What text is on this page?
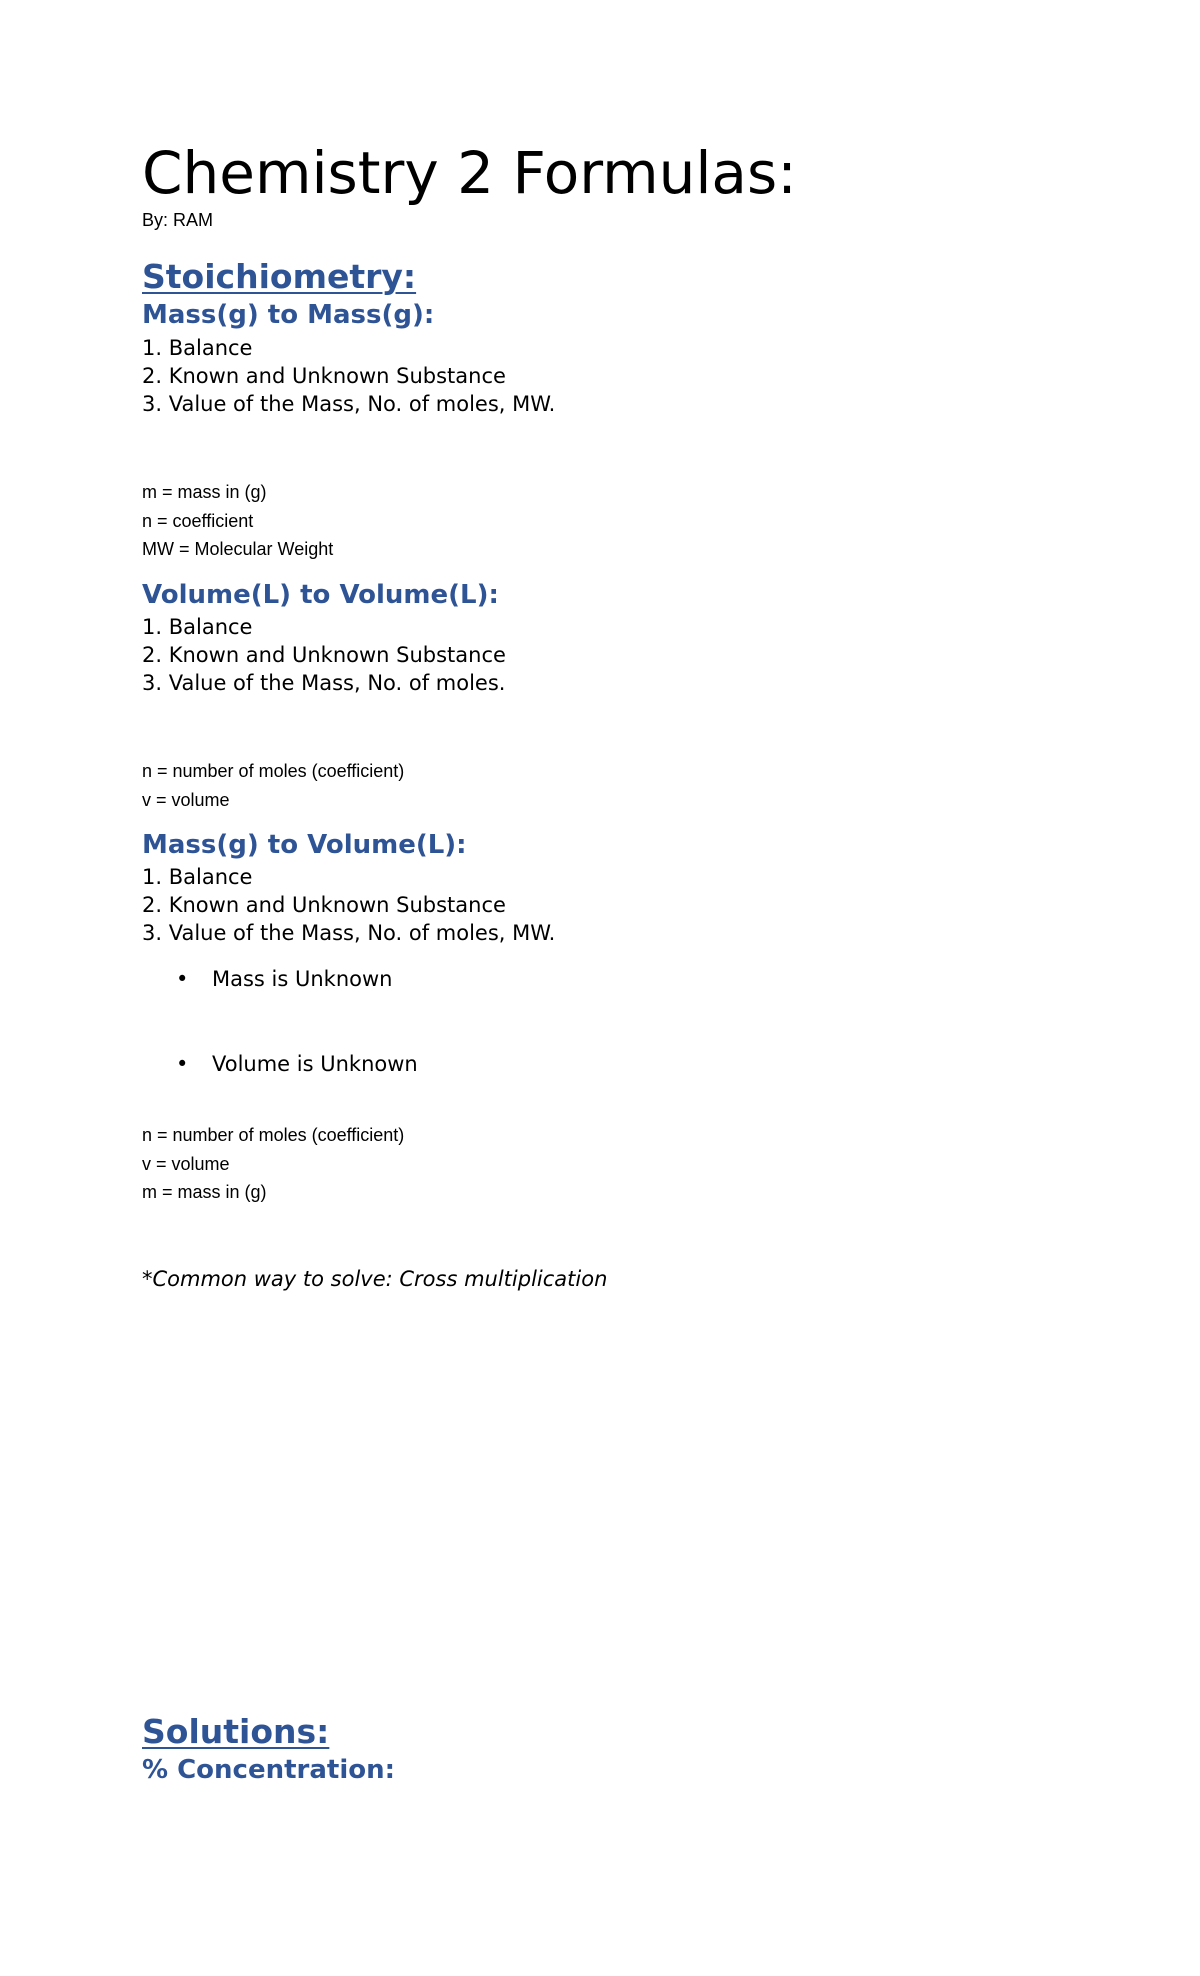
Chemistry 2 Formulas:

By: RAM

Stoichiometry:
Mass(g) to Mass(g):
1. Balance
2. Known and Unknown Substance
3. Value of the Mass, No. of moles, MW.
m = mass in (g)
n = coefficient
MW = Molecular Weight
Volume(L) to Volume(L):
1. Balance
2. Known and Unknown Substance
3. Value of the Mass, No. of moles.
n = number of moles (coefficient)
v = volume
Mass(g) to Volume(L):
1. Balance
2. Known and Unknown Substance
3. Value of the Mass, No. of moles, MW.

• Mass is Unknown

• Volume is Unknown

n = number of moles (coefficient)
v = volume
m = mass in (g)

*Common way to solve: Cross multiplication

Solutions:
% Concentration:
